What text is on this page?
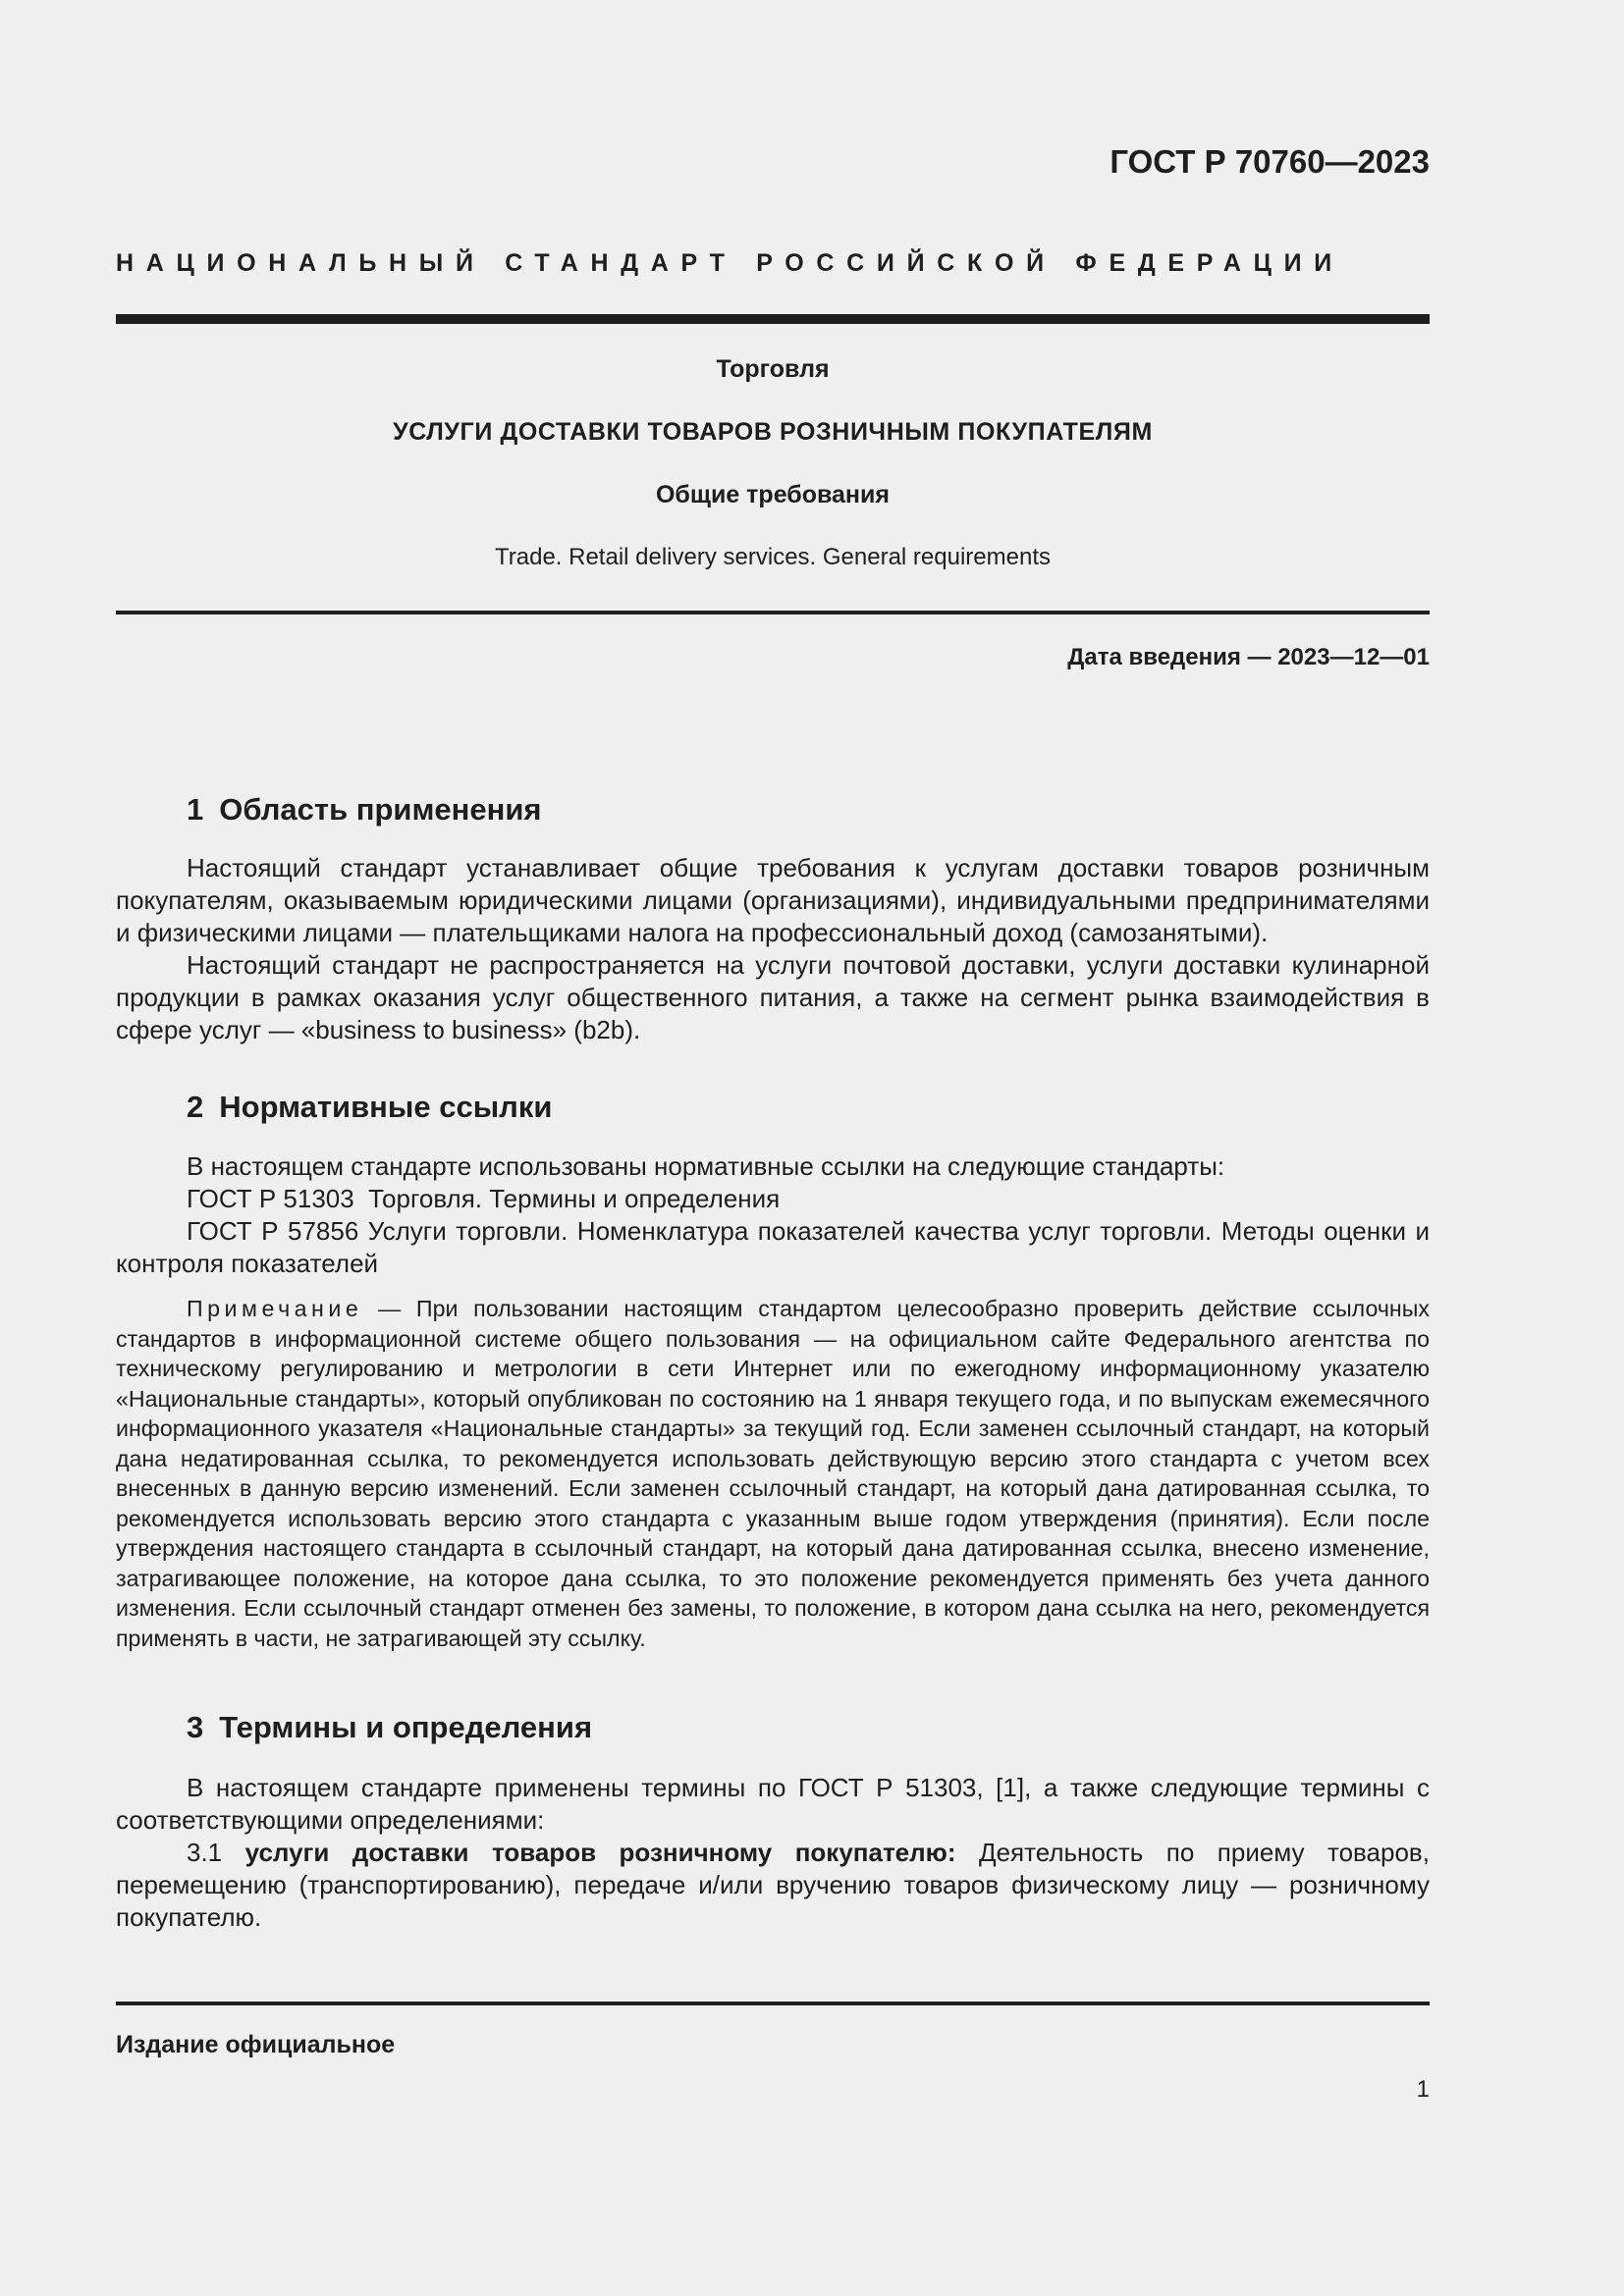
ГОСТ Р 70760—2023
НАЦИОНАЛЬНЫЙ СТАНДАРТ РОССИЙСКОЙ ФЕДЕРАЦИИ
Торговля
УСЛУГИ ДОСТАВКИ ТОВАРОВ РОЗНИЧНЫМ ПОКУПАТЕЛЯМ
Общие требования
Trade. Retail delivery services. General requirements
Дата введения — 2023—12—01
1 Область применения
Настоящий стандарт устанавливает общие требования к услугам доставки товаров розничным покупателям, оказываемым юридическими лицами (организациями), индивидуальными предпринимателями и физическими лицами — плательщиками налога на профессиональный доход (самозанятыми).
Настоящий стандарт не распространяется на услуги почтовой доставки, услуги доставки кулинарной продукции в рамках оказания услуг общественного питания, а также на сегмент рынка взаимодействия в сфере услуг — «business to business» (b2b).
2 Нормативные ссылки
В настоящем стандарте использованы нормативные ссылки на следующие стандарты:
ГОСТ Р 51303  Торговля. Термины и определения
ГОСТ Р 57856 Услуги торговли. Номенклатура показателей качества услуг торговли. Методы оценки и контроля показателей
Примечание — При пользовании настоящим стандартом целесообразно проверить действие ссылочных стандартов в информационной системе общего пользования — на официальном сайте Федерального агентства по техническому регулированию и метрологии в сети Интернет или по ежегодному информационному указателю «Национальные стандарты», который опубликован по состоянию на 1 января текущего года, и по выпускам ежемесячного информационного указателя «Национальные стандарты» за текущий год. Если заменен ссылочный стандарт, на который дана недатированная ссылка, то рекомендуется использовать действующую версию этого стандарта с учетом всех внесенных в данную версию изменений. Если заменен ссылочный стандарт, на который дана датированная ссылка, то рекомендуется использовать версию этого стандарта с указанным выше годом утверждения (принятия). Если после утверждения настоящего стандарта в ссылочный стандарт, на который дана датированная ссылка, внесено изменение, затрагивающее положение, на которое дана ссылка, то это положение рекомендуется применять без учета данного изменения. Если ссылочный стандарт отменен без замены, то положение, в котором дана ссылка на него, рекомендуется применять в части, не затрагивающей эту ссылку.
3 Термины и определения
В настоящем стандарте применены термины по ГОСТ Р 51303, [1], а также следующие термины с соответствующими определениями:
3.1 услуги доставки товаров розничному покупателю: Деятельность по приему товаров, перемещению (транспортированию), передаче и/или вручению товаров физическому лицу — розничному покупателю.
Издание официальное
1
